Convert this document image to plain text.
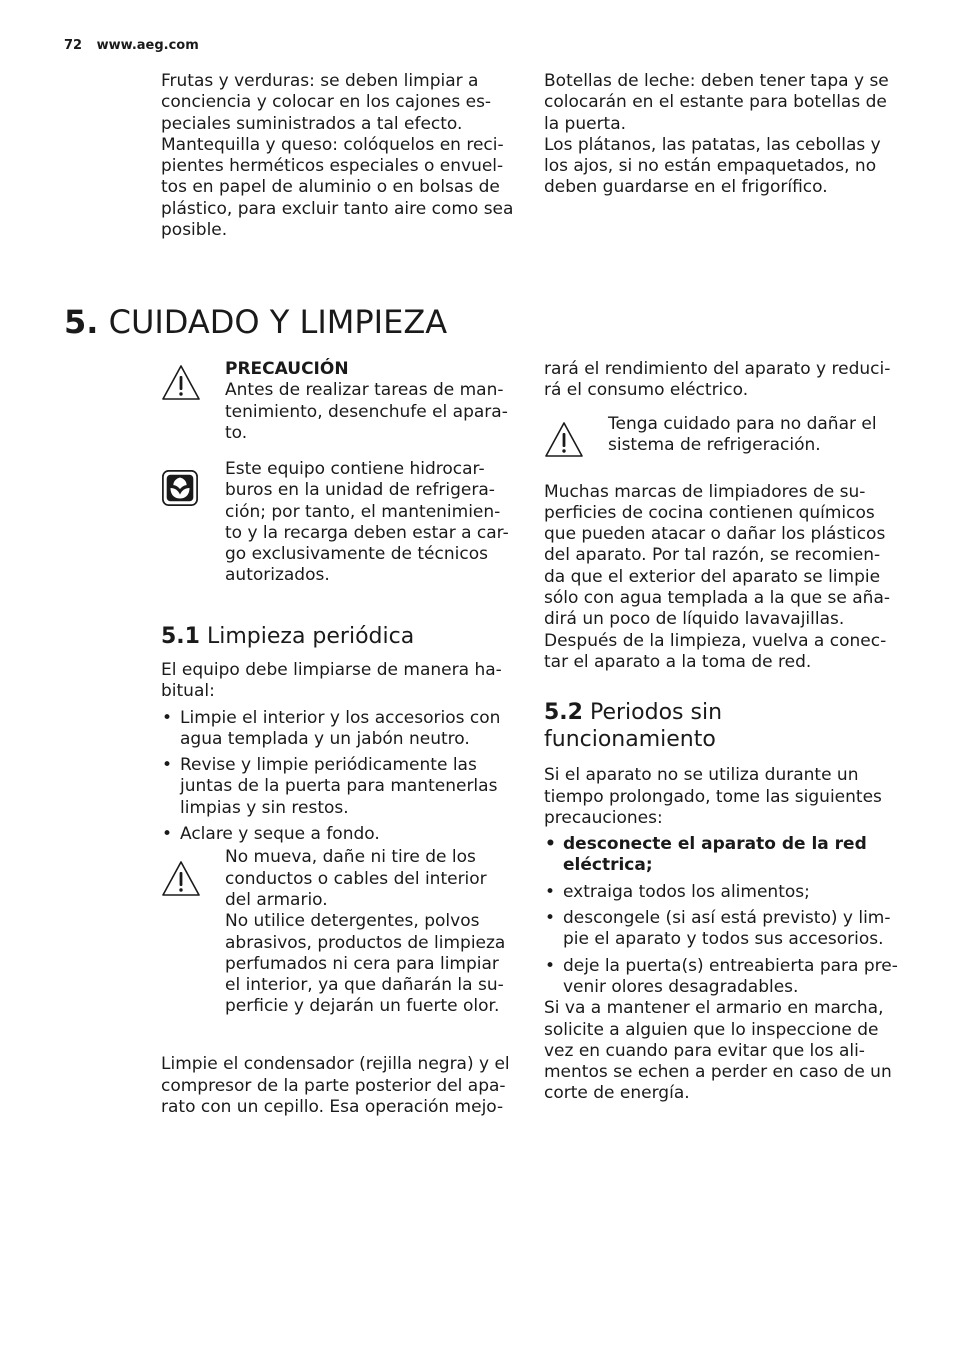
72 www.aeg.com
Frutas y verduras: se deben limpiar a
conciencia y colocar en los cajones es-
peciales suministrados a tal efecto.
Mantequilla y queso: colóquelos en reci-
pientes herméticos especiales o envuel-
tos en papel de aluminio o en bolsas de
plástico, para excluir tanto aire como sea
posible.
Botellas de leche: deben tener tapa y se
colocarán en el estante para botellas de
la puerta.
Los plátanos, las patatas, las cebollas y
los ajos, si no están empaquetados, no
deben guardarse en el frigorífico.
5. CUIDADO Y LIMPIEZA
PRECAUCIÓN
Antes de realizar tareas de man-
tenimiento, desenchufe el apara-
to.
Este equipo contiene hidrocar-
buros en la unidad de refrigera-
ción; por tanto, el mantenimien-
to y la recarga deben estar a car-
go exclusivamente de técnicos
autorizados.

5.1 Limpieza periódica

El equipo debe limpiarse de manera ha-
bitual:
• Limpie el interior y los accesorios con
agua templada y un jabón neutro.
• Revise y limpie periódicamente las
juntas de la puerta para mantenerlas
limpias y sin restos.
• Aclare y seque a fondo.
No mueva, dañe ni tire de los
conductos o cables del interior
del armario.
No utilice detergentes, polvos
abrasivos, productos de limpieza
perfumados ni cera para limpiar
el interior, ya que dañarán la su-
perficie y dejarán un fuerte olor.
Limpie el condensador (rejilla negra) y el
compresor de la parte posterior del apa-
rato con un cepillo. Esa operación mejo-
rará el rendimiento del aparato y reduci-
rá el consumo eléctrico.
Tenga cuidado para no dañar el
sistema de refrigeración.
Muchas marcas de limpiadores de su-
perficies de cocina contienen químicos
que pueden atacar o dañar los plásticos
del aparato. Por tal razón, se recomien-
da que el exterior del aparato se limpie
sólo con agua templada a la que se aña-
dirá un poco de líquido lavavajillas.
Después de la limpieza, vuelva a conec-
tar el aparato a la toma de red.

5.2 Periodos sin
funcionamiento

Si el aparato no se utiliza durante un
tiempo prolongado, tome las siguientes
precauciones:
• desconecte el aparato de la red
eléctrica;
• extraiga todos los alimentos;
• descongele (si así está previsto) y lim-
pie el aparato y todos sus accesorios.
• deje la puerta(s) entreabierta para pre-
venir olores desagradables.
Si va a mantener el armario en marcha,
solicite a alguien que lo inspeccione de
vez en cuando para evitar que los ali-
mentos se echen a perder en caso de un
corte de energía.
